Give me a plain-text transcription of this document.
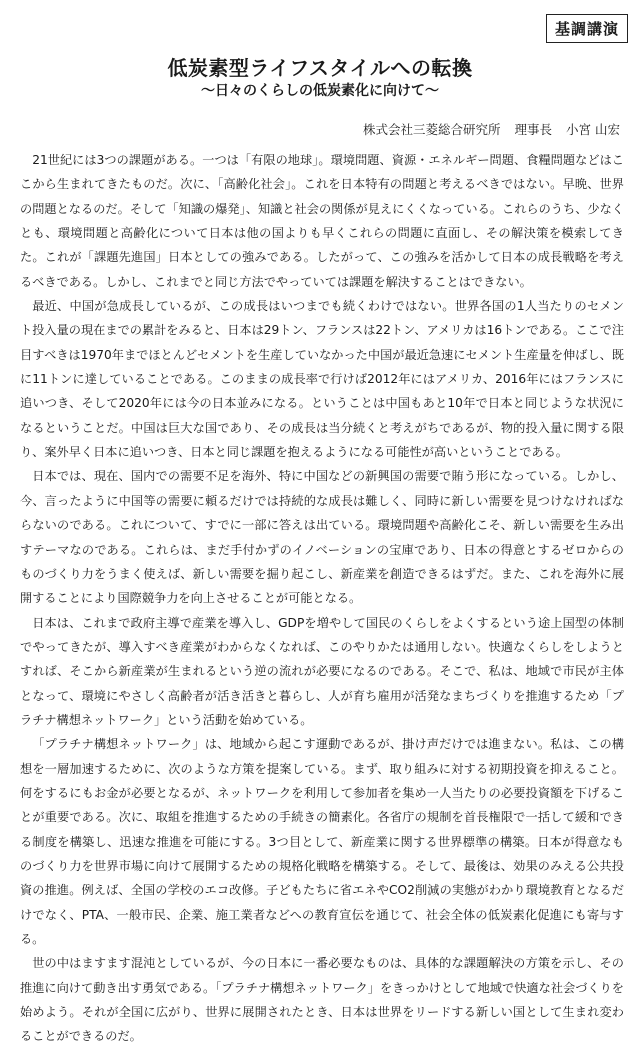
基調講演
低炭素型ライフスタイルへの転換
〜日々のくらしの低炭素化に向けて〜
株式会社三菱総合研究所 理事長 小宮 山宏

21世紀には3つの課題がある。一つは「有限の地球」。環境問題、資源・エネルギー問題、食糧問題などはここから生まれてきたものだ。次に、「高齢化社会」。これを日本特有の問題と考えるべきではない。早晩、世界の問題となるのだ。そして「知識の爆発」、知識と社会の関係が見えにくくなっている。これらのうち、少なくとも、環境問題と高齢化について日本は他の国よりも早くこれらの問題に直面し、その解決策を模索してきた。これが「課題先進国」日本としての強みである。したがって、この強みを活かして日本の成長戦略を考えるべきである。しかし、これまでと同じ方法でやっていては課題を解決することはできない。

最近、中国が急成長しているが、この成長はいつまでも続くわけではない。世界各国の1人当たりのセメント投入量の現在までの累計をみると、日本は29トン、フランスは22トン、アメリカは16トンである。ここで注目すべきは1970年までほとんどセメントを生産していなかった中国が最近急速にセメント生産量を伸ばし、既に11トンに達していることである。このままの成長率で行けば2012年にはアメリカ、2016年にはフランスに追いつき、そして2020年には今の日本並みになる。ということは中国もあと10年で日本と同じような状況になるということだ。中国は巨大な国であり、その成長は当分続くと考えがちであるが、物的投入量に関する限り、案外早く日本に追いつき、日本と同じ課題を抱えるようになる可能性が高いということである。

日本では、現在、国内での需要不足を海外、特に中国などの新興国の需要で賄う形になっている。しかし、今、言ったように中国等の需要に頼るだけでは持続的な成長は難しく、同時に新しい需要を見つけなければならないのである。これについて、すでに一部に答えは出ている。環境問題や高齢化こそ、新しい需要を生み出すテーマなのである。これらは、まだ手付かずのイノベーションの宝庫であり、日本の得意とするゼロからのものづくり力をうまく使えば、新しい需要を掘り起こし、新産業を創造できるはずだ。また、これを海外に展開することにより国際競争力を向上させることが可能となる。

日本は、これまで政府主導で産業を導入し、GDPを増やして国民のくらしをよくするという途上国型の体制でやってきたが、導入すべき産業がわからなくなれば、このやりかたは通用しない。快適なくらしをしようとすれば、そこから新産業が生まれるという逆の流れが必要になるのである。そこで、私は、地域で市民が主体となって、環境にやさしく高齢者が活き活きと暮らし、人が育ち雇用が活発なまちづくりを推進するため「プラチナ構想ネットワーク」という活動を始めている。

「プラチナ構想ネットワーク」は、地域から起こす運動であるが、掛け声だけでは進まない。私は、この構想を一層加速するために、次のような方策を提案している。まず、取り組みに対する初期投資を抑えること。何をするにもお金が必要となるが、ネットワークを利用して参加者を集め一人当たりの必要投資額を下げることが重要である。次に、取組を推進するための手続きの簡素化。各省庁の規制を首長権限で一括して緩和できる制度を構築し、迅速な推進を可能にする。3つ目として、新産業に関する世界標準の構築。日本が得意なものづくり力を世界市場に向けて展開するための規格化戦略を構築する。そして、最後は、効果のみえる公共投資の推進。例えば、全国の学校のエコ改修。子どもたちに省エネやCO2削減の実態がわかり環境教育となるだけでなく、PTA、一般市民、企業、施工業者などへの教育宣伝を通じて、社会全体の低炭素化促進にも寄与する。

世の中はますます混沌としているが、今の日本に一番必要なものは、具体的な課題解決の方策を示し、その推進に向けて動き出す勇気である。「プラチナ構想ネットワーク」をきっかけとして地域で快適な社会づくりを始めよう。それが全国に広がり、世界に展開されたとき、日本は世界をリードする新しい国として生まれ変わることができるのだ。
